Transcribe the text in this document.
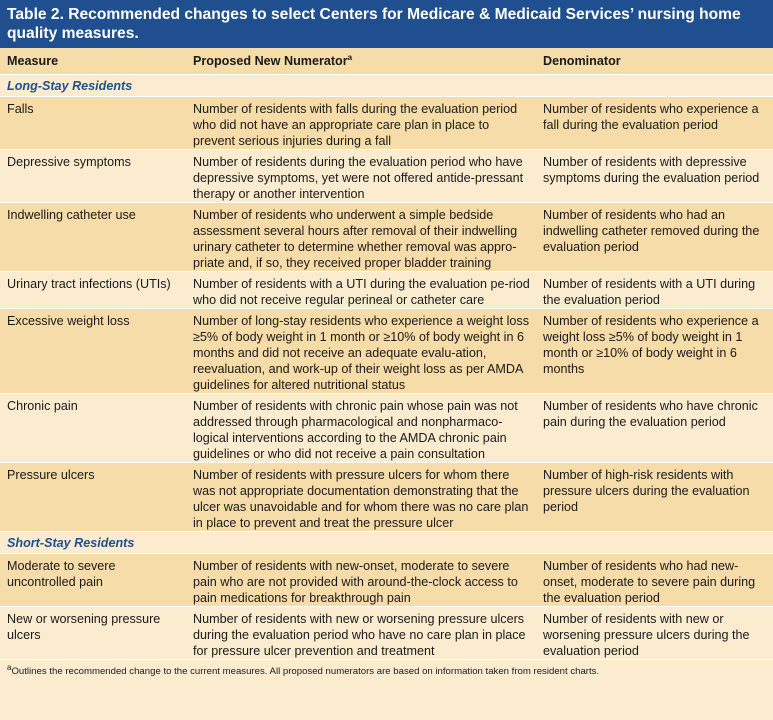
Table 2. Recommended changes to select Centers for Medicare & Medicaid Services’ nursing home quality measures.
Measure	Proposed New Numerator$^a$	Denominator
Long-Stay Residents		
Falls	Number of residents with falls during the evaluation period who did not have an appropriate care plan in place to prevent serious injuries during a fall	Number of residents who experience a fall during the evaluation period
Depressive symptoms	Number of residents during the evaluation period who have depressive symptoms, yet were not offered antide-pressant therapy or another intervention	Number of residents with depressive symptoms during the evaluation period
Indwelling catheter use	Number of residents who underwent a simple bedside assessment several hours after removal of their indwelling urinary catheter to determine whether removal was appro-priate and, if so, they received proper bladder training	Number of residents who had an indwelling catheter removed during the evaluation period
Urinary tract infections (UTIs)	Number of residents with a UTI during the evaluation pe-riod who did not receive regular perineal or catheter care	Number of residents with a UTI during the evaluation period
Excessive weight loss	Number of long-stay residents who experience a weight loss ≥5% of body weight in 1 month or ≥10% of body weight in 6 months and did not receive an adequate evalu-ation, reevaluation, and work-up of their weight loss as per AMDA guidelines for altered nutritional status	Number of residents who experience a weight loss ≥5% of body weight in 1 month or ≥10% of body weight in 6 months
Chronic pain	Number of residents with chronic pain whose pain was not addressed through pharmacological and nonpharmaco-logical interventions according to the AMDA chronic pain guidelines or who did not receive a pain consultation	Number of residents who have chronic pain during the evaluation period
Pressure ulcers	Number of residents with pressure ulcers for whom there was not appropriate documentation demonstrating that the ulcer was unavoidable and for whom there was no care plan in place to prevent and treat the pressure ulcer	Number of high-risk residents with pressure ulcers during the evaluation period
Short-Stay Residents		
Moderate to severe uncontrolled pain	Number of residents with new-onset, moderate to severe pain who are not provided with around-the-clock access to pain medications for breakthrough pain	Number of residents who had new-onset, moderate to severe pain during the evaluation period
New or worsening pressure ulcers	Number of residents with new or worsening pressure ulcers during the evaluation period who have no care plan in place for pressure ulcer prevention and treatment	Number of residents with new or worsening pressure ulcers during the evaluation period
$^a$Outlines the recommended change to the current measures. All proposed numerators are based on information taken from resident charts.
